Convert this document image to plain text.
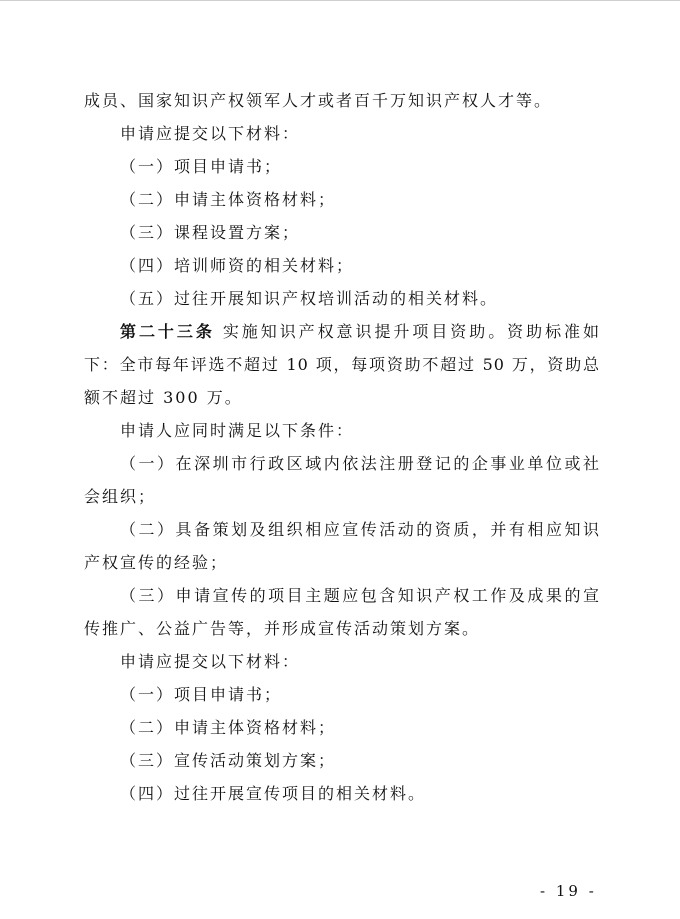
成员、国家知识产权领军人才或者百千万知识产权人才等。
申请应提交以下材料：
（一）项目申请书；
（二）申请主体资格材料；
（三）课程设置方案；
（四）培训师资的相关材料；
（五）过往开展知识产权培训活动的相关材料。
第二十三条 实施知识产权意识提升项目资助。资助标准如
下：全市每年评选不超过 10 项，每项资助不超过 50 万，资助总
额不超过 300 万。
申请人应同时满足以下条件：
（一）在深圳市行政区域内依法注册登记的企事业单位或社
会组织；
（二）具备策划及组织相应宣传活动的资质，并有相应知识
产权宣传的经验；
（三）申请宣传的项目主题应包含知识产权工作及成果的宣
传推广、公益广告等，并形成宣传活动策划方案。
申请应提交以下材料：
（一）项目申请书；
（二）申请主体资格材料；
（三）宣传活动策划方案；
（四）过往开展宣传项目的相关材料。
- 19 -
